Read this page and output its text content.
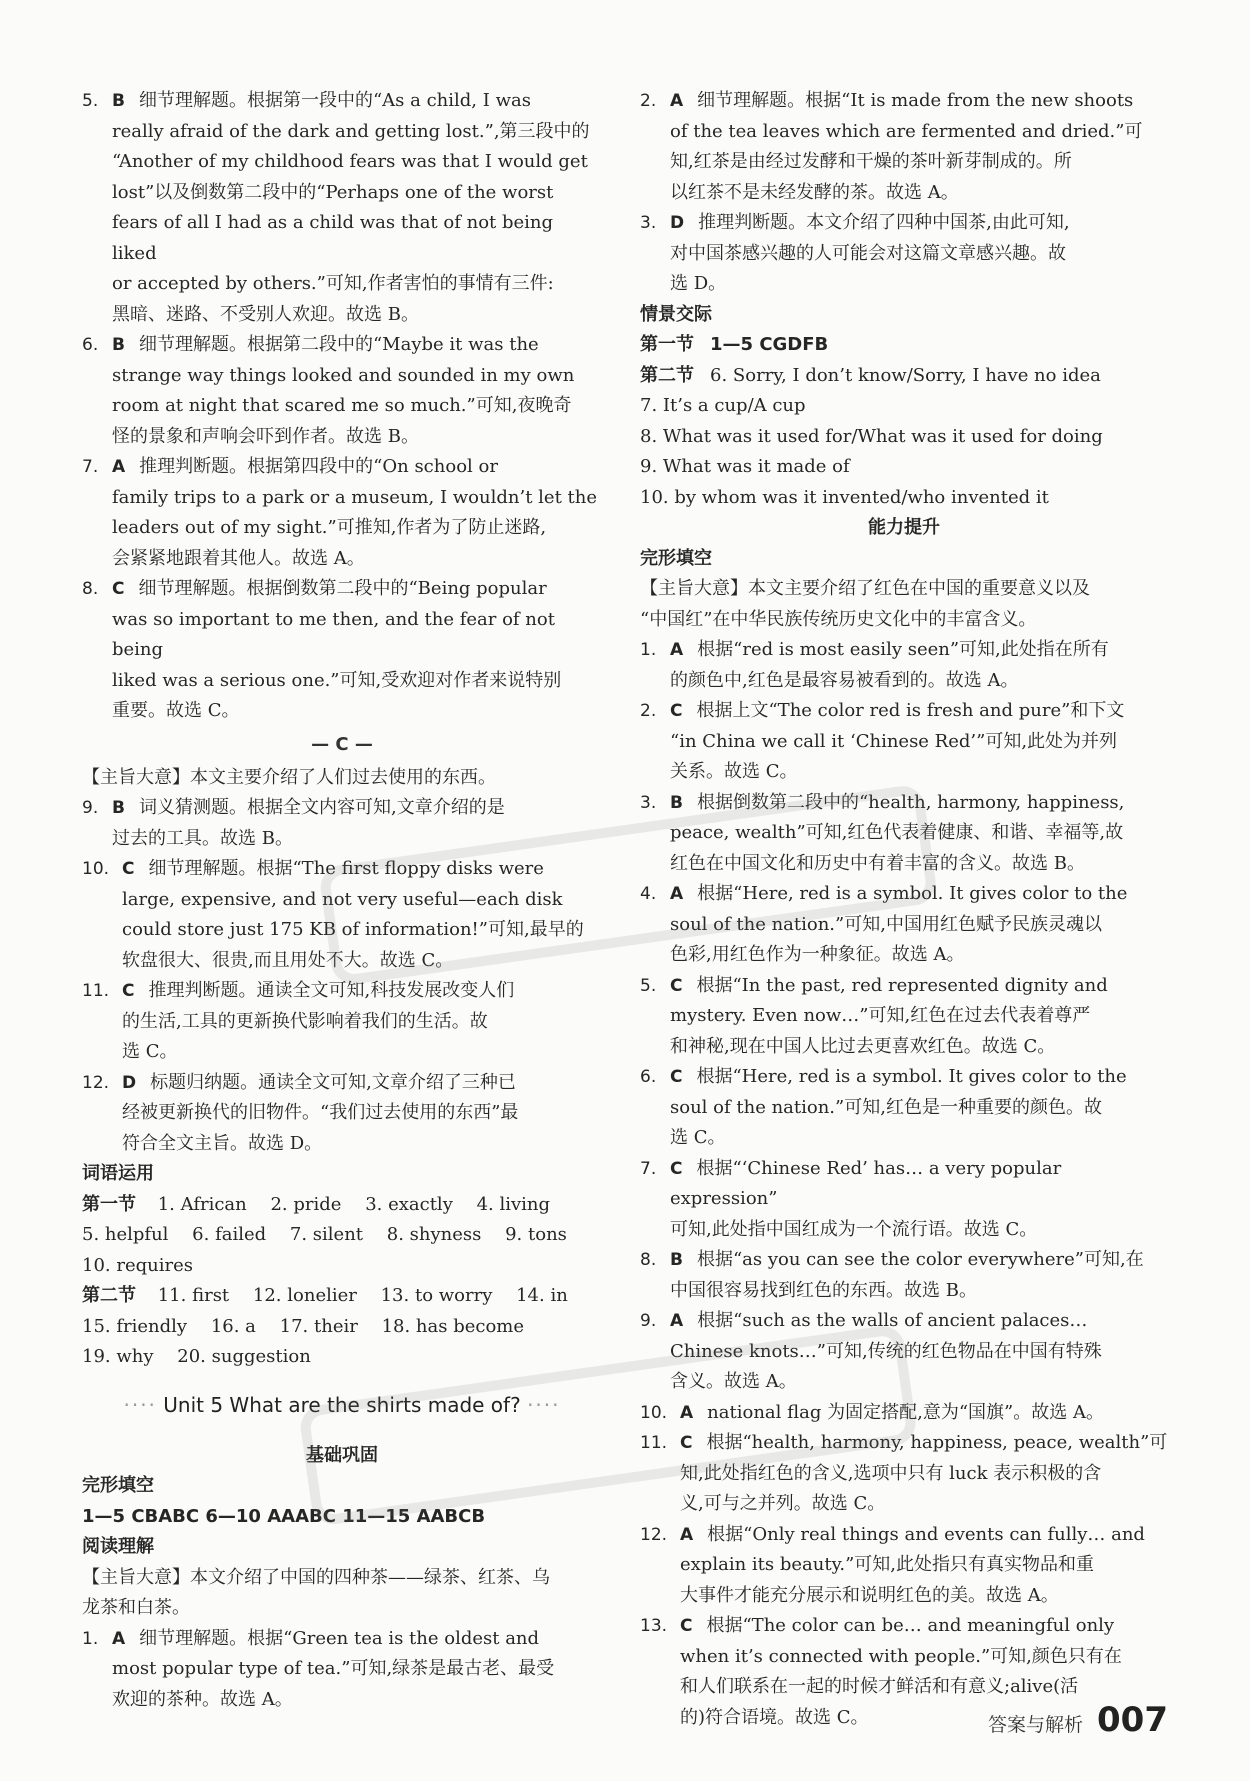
5. B 细节理解题。根据第一段中的“As a child, I was
really afraid of the dark and getting lost.”,第三段中的
“Another of my childhood fears was that I would get
lost”以及倒数第二段中的“Perhaps one of the worst
fears of all I had as a child was that of not being liked
or accepted by others.”可知,作者害怕的事情有三件:
黑暗、迷路、不受别人欢迎。故选 B。
6. B 细节理解题。根据第二段中的“Maybe it was the
strange way things looked and sounded in my own
room at night that scared me so much.”可知,夜晚奇
怪的景象和声响会吓到作者。故选 B。
7. A 推理判断题。根据第四段中的“On school or
family trips to a park or a museum, I wouldn’t let the
leaders out of my sight.”可推知,作者为了防止迷路,
会紧紧地跟着其他人。故选 A。
8. C 细节理解题。根据倒数第二段中的“Being popular
was so important to me then, and the fear of not being
liked was a serious one.”可知,受欢迎对作者来说特别
重要。故选 C。
— C —
【主旨大意】本文主要介绍了人们过去使用的东西。
9. B 词义猜测题。根据全文内容可知,文章介绍的是
过去的工具。故选 B。
10. C 细节理解题。根据“The first floppy disks were
large, expensive, and not very useful—each disk
could store just 175 KB of information!”可知,最早的
软盘很大、很贵,而且用处不大。故选 C。
11. C 推理判断题。通读全文可知,科技发展改变人们
的生活,工具的更新换代影响着我们的生活。故
选 C。
12. D 标题归纳题。通读全文可知,文章介绍了三种已
经被更新换代的旧物件。“我们过去使用的东西”最
符合全文主旨。故选 D。
词语运用
第一节 1. African 2. pride 3. exactly 4. living
5. helpful 6. failed 7. silent 8. shyness 9. tons
10. requires
第二节 11. first 12. lonelier 13. to worry 14. in
15. friendly 16. a 17. their 18. has become
19. why 20. suggestion
···· Unit 5 What are the shirts made of? ····
基础巩固
完形填空
1—5 CBABC 6—10 AAABC 11—15 AABCB
阅读理解
【主旨大意】本文介绍了中国的四种茶——绿茶、红茶、乌
龙茶和白茶。
1. A 细节理解题。根据“Green tea is the oldest and
most popular type of tea.”可知,绿茶是最古老、最受
欢迎的茶种。故选 A。
2. A 细节理解题。根据“It is made from the new shoots
of the tea leaves which are fermented and dried.”可
知,红茶是由经过发酵和干燥的茶叶新芽制成的。所
以红茶不是未经发酵的茶。故选 A。
3. D 推理判断题。本文介绍了四种中国茶,由此可知,
对中国茶感兴趣的人可能会对这篇文章感兴趣。故
选 D。
情景交际
第一节 1—5 CGDFB
第二节 6. Sorry, I don’t know/Sorry, I have no idea
7. It’s a cup/A cup
8. What was it used for/What was it used for doing
9. What was it made of
10. by whom was it invented/who invented it
能力提升
完形填空
【主旨大意】本文主要介绍了红色在中国的重要意义以及
“中国红”在中华民族传统历史文化中的丰富含义。
1. A 根据“red is most easily seen”可知,此处指在所有
的颜色中,红色是最容易被看到的。故选 A。
2. C 根据上文“The color red is fresh and pure”和下文
“in China we call it ‘Chinese Red’”可知,此处为并列
关系。故选 C。
3. B 根据倒数第二段中的“health, harmony, happiness,
peace, wealth”可知,红色代表着健康、和谐、幸福等,故
红色在中国文化和历史中有着丰富的含义。故选 B。
4. A 根据“Here, red is a symbol. It gives color to the
soul of the nation.”可知,中国用红色赋予民族灵魂以
色彩,用红色作为一种象征。故选 A。
5. C 根据“In the past, red represented dignity and
mystery. Even now…”可知,红色在过去代表着尊严
和神秘,现在中国人比过去更喜欢红色。故选 C。
6. C 根据“Here, red is a symbol. It gives color to the
soul of the nation.”可知,红色是一种重要的颜色。故
选 C。
7. C 根据“‘Chinese Red’ has… a very popular expression”
可知,此处指中国红成为一个流行语。故选 C。
8. B 根据“as you can see the color everywhere”可知,在
中国很容易找到红色的东西。故选 B。
9. A 根据“such as the walls of ancient palaces…
Chinese knots…”可知,传统的红色物品在中国有特殊
含义。故选 A。
10. A national flag 为固定搭配,意为“国旗”。故选 A。
11. C 根据“health, harmony, happiness, peace, wealth”可
知,此处指红色的含义,选项中只有 luck 表示积极的含
义,可与之并列。故选 C。
12. A 根据“Only real things and events can fully… and
explain its beauty.”可知,此处指只有真实物品和重
大事件才能充分展示和说明红色的美。故选 A。
13. C 根据“The color can be… and meaningful only
when it’s connected with people.”可知,颜色只有在
和人们联系在一起的时候才鲜活和有意义;alive(活
的)符合语境。故选 C。	答案与解析 007
